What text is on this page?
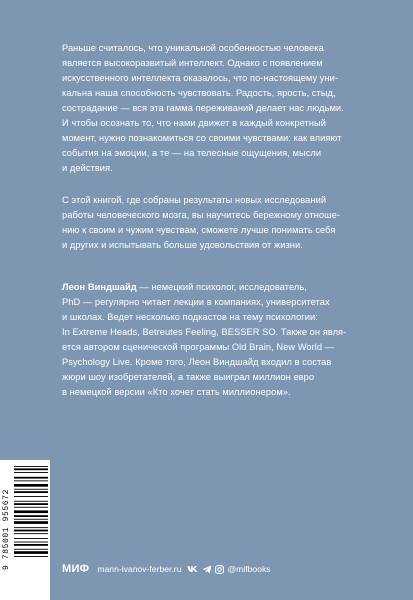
Раньше считалось, что уникальной особенностью человека

является высокоразвитый интеллект. Однако с появлением

искусственного интеллекта оказалось, что по-настоящему уни-

кальна наша способность чувствовать. Радость, ярость, стыд,

сострадание — вся эта гамма переживаний делает нас людьми.

И чтобы осознать то, что нами движет в каждый конкретный

момент, нужно познакомиться со своими чувствами: как влияют

события на эмоции, а те — на телесные ощущения, мысли

и действия.

С этой книгой, где собраны результаты новых исследований

работы человеческого мозга, вы научитесь бережному отноше-

нию к своим и чужим чувствам, сможете лучше понимать себя

и других и испытывать больше удовольствия от жизни.

Леон Виндшайд — немецкий психолог, исследователь,

PhD — регулярно читает лекции в компаниях, университетах

и школах. Ведет несколько подкастов на тему психологии:

In Extreme Heads, Betreutes Feeling, BESSER SO. Также он явля-

ется автором сценической программы Old Brain, New World —

Psychology Live. Кроме того, Леон Виндшайд входил в состав

жюри шоу изобретателей, а также выиграл миллион евро

в немецкой версии «Кто хочет стать миллионером».

9 785001 955672	МИФ mann-ivanov-ferber.ru	@mifbooks
